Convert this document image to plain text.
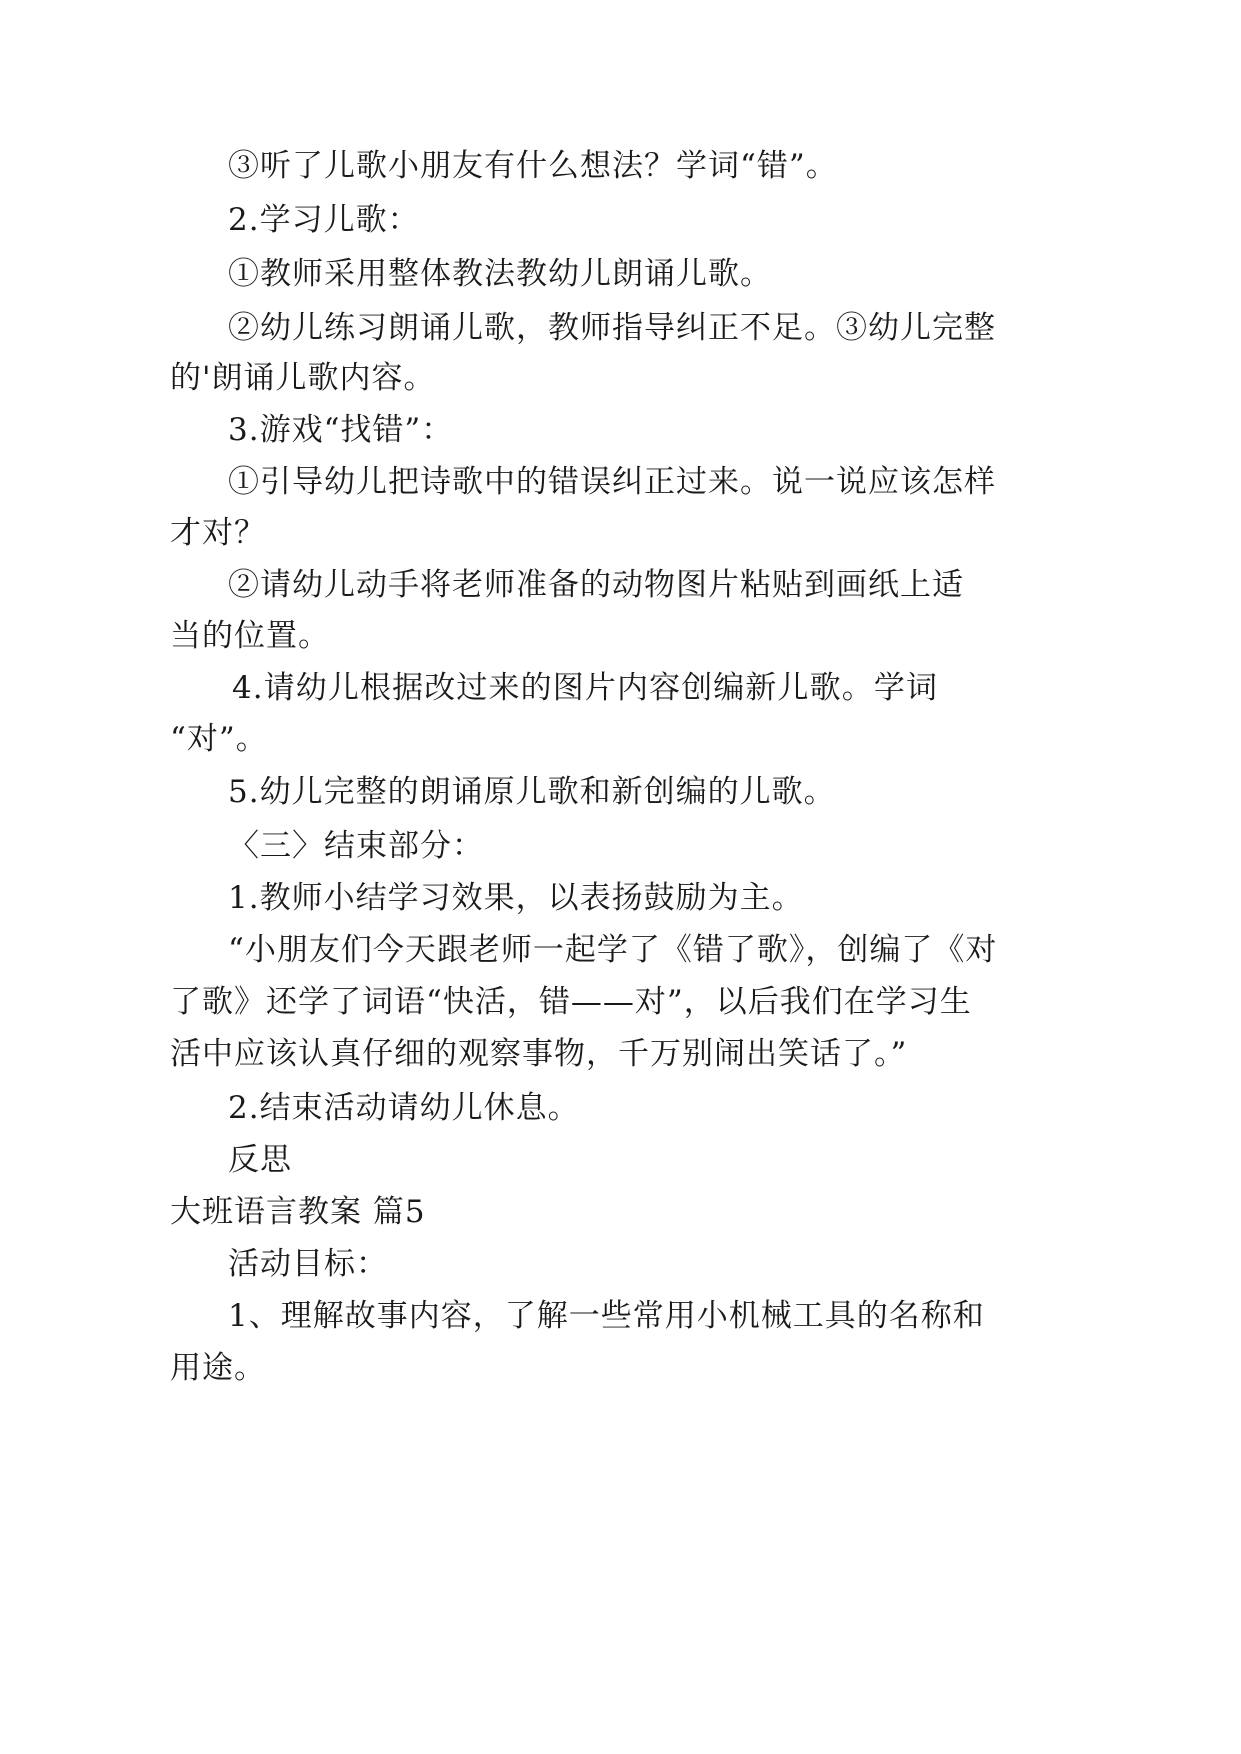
③听了儿歌小朋友有什么想法？学词“错”。
2.学习儿歌：
①教师采用整体教法教幼儿朗诵儿歌。
②幼儿练习朗诵儿歌，教师指导纠正不足。③幼儿完整
的'朗诵儿歌内容。
3.游戏“找错”：
①引导幼儿把诗歌中的错误纠正过来。说一说应该怎样
才对？
②请幼儿动手将老师准备的动物图片粘贴到画纸上适
当的位置。
4.请幼儿根据改过来的图片内容创编新儿歌。学词
“对”。
5.幼儿完整的朗诵原儿歌和新创编的儿歌。
〈三〉结束部分：
1.教师小结学习效果，以表扬鼓励为主。
“小朋友们今天跟老师一起学了《错了歌》，创编了《对
了歌》还学了词语“快活，错——对”，以后我们在学习生
活中应该认真仔细的观察事物，千万别闹出笑话了。”
2.结束活动请幼儿休息。
反思
大班语言教案 篇5
活动目标：
1、理解故事内容，了解一些常用小机械工具的名称和
用途。
